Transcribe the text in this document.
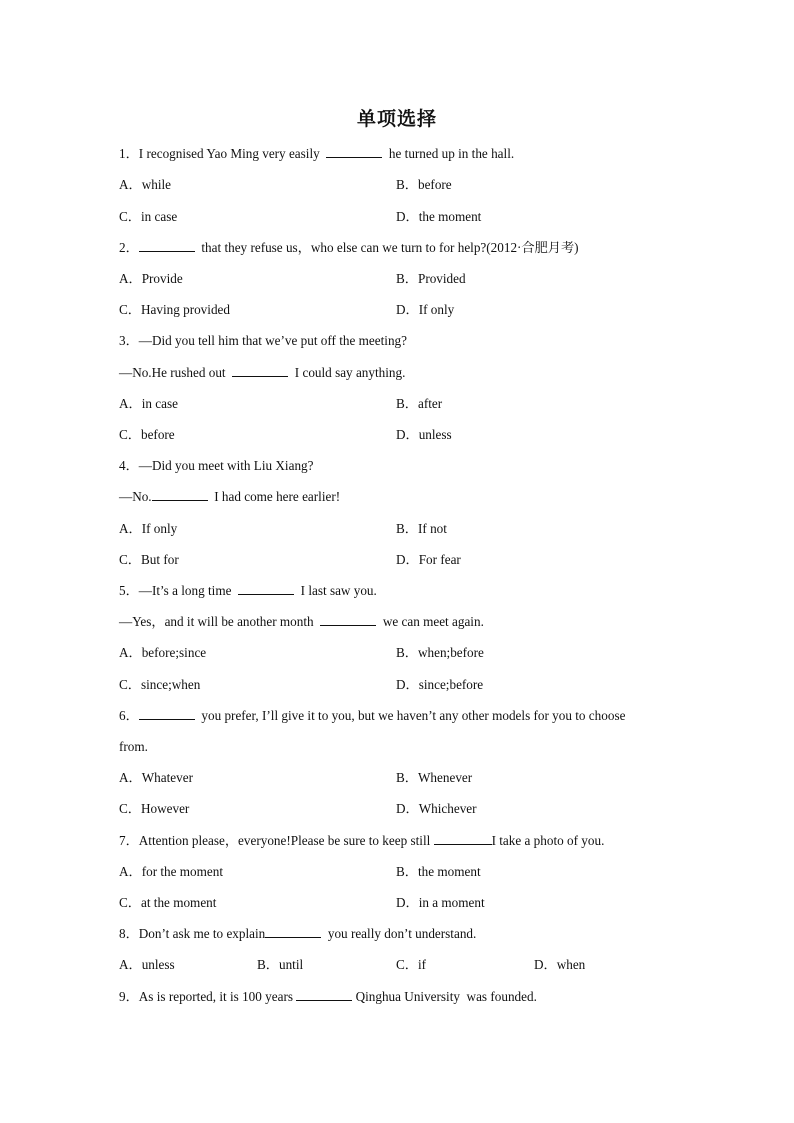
单项选择
1．I recognised Yao Ming very easily	he turned up in the hall.
A．while	B．before
C．in case	D．the moment
2．	that they refuse us，who else can we turn to for help?(2012·合肥月考)
A．Provide	B．Provided
C．Having provided	D．If only
3．—Did you tell him that we’ve put off the meeting?
—No.He rushed out	I could say anything.
A．in case	B．after
C．before	D．unless
4．—Did you meet with Liu Xiang?
—No.	I had come here earlier!
A．If only	B．If not
C．But for	D．For fear
5．—It’s a long time	I last saw you.
—Yes，and it will be another month	we can meet again.
A．before;since	B．when;before
C．since;when	D．since;before
6．	you prefer, I’ll give it to you, but we haven’t any other models for you to choose
from.
A．Whatever	B．Whenever
C．However	D．Whichever
7．Attention please，everyone!Please be sure to keep still	I take a photo of you.
A．for the moment	B．the moment
C．at the moment	D．in a moment
8．Don’t ask me to explain	you really don’t understand.
A．unless	B．until	C．if	D．when
9．As is reported, it is 100 years	Qinghua University  was founded.
